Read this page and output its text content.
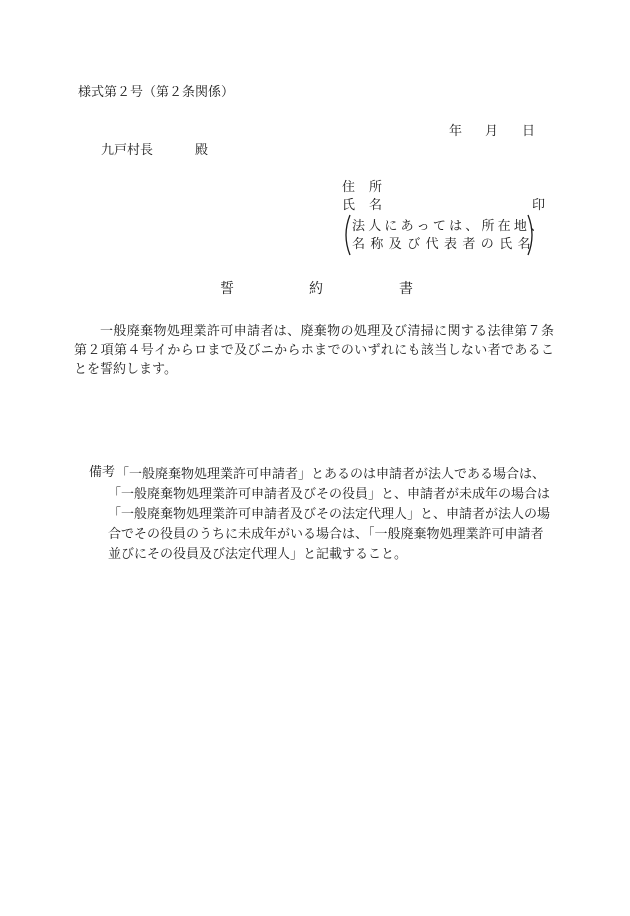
様式第２号（第２条関係）
年 月 日
九戸村長	殿
住所
氏名	印
法人にあっては、所在地、
名称及び代表者の氏名
誓	約	書
一般廃棄物処理業許可申請者は、廃棄物の処理及び清掃に関する法律第７条第２項第４号イからロまで及びニからホまでのいずれにも該当しない者であることを誓約します。
備考 「一般廃棄物処理業許可申請者」とあるのは申請者が法人である場合は、「一般廃棄物処理業許可申請者及びその役員」と、申請者が未成年の場合は「一般廃棄物処理業許可申請者及びその法定代理人」と、申請者が法人の場合でその役員のうちに未成年がいる場合は、「一般廃棄物処理業許可申請者並びにその役員及び法定代理人」と記載すること。
